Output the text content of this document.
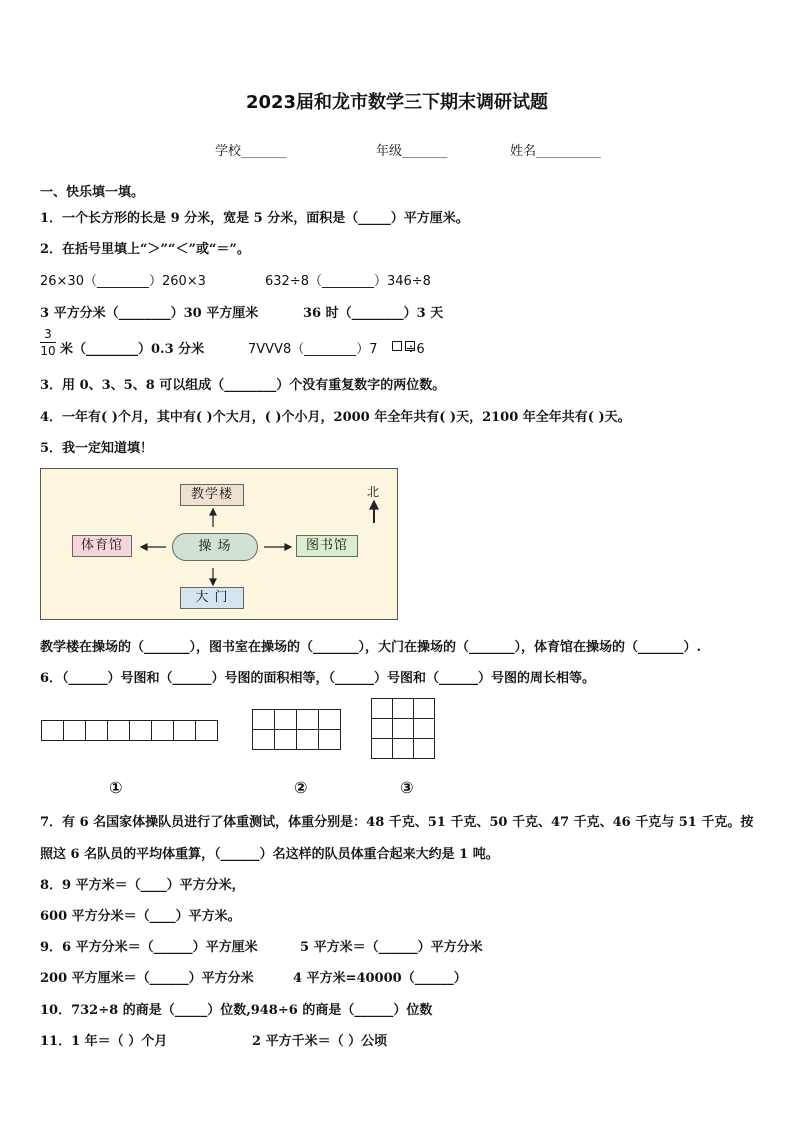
2023届和龙市数学三下期末调研试题
学校_______	年级_______	姓名__________
一、快乐填一填。
1．一个长方形的长是 9 分米，宽是 5 分米，面积是（_____）平方厘米。
2．在括号里填上“＞”“＜”或“＝”。
26×30（________）260×3	632÷8（________）346÷8
3 平方分米（________）30 平方厘米	36 时（________）3 天
3
10 米（________）0.3 分米	7VVV8（________）7 ÷6
3．用 0、3、5、8 可以组成（________）个没有重复数字的两位数。
4．一年有( )个月，其中有( )个大月，( )个小月，2000 年全年共有( )天，2100 年全年共有( )天。
5．我一定知道填！
教学楼
操 场
体育馆	图书馆
大 门
北
教学楼在操场的（_______），图书室在操场的（_______），大门在操场的（_______），体育馆在操场的（_______）.
6．（______）号图和（______）号图的面积相等，（______）号图和（______）号图的周长相等。

①	②	③
7．有 6 名国家体操队员进行了体重测试，体重分别是：48 千克、51 千克、50 千克、47 千克、46 千克与 51 千克。按
照这 6 名队员的平均体重算，（______）名这样的队员体重合起来大约是 1 吨。
8．9 平方米＝（____）平方分米，
600 平方分米＝（____）平方米。
9．6 平方分米＝（______）平方厘米	5 平方米＝（______）平方分米
200 平方厘米＝（______）平方分米	4 平方米=40000（______）
10．732÷8 的商是（_____）位数,948÷6 的商是（______）位数
11．1 年＝（ ）个月	2 平方千米＝（ ）公顷
